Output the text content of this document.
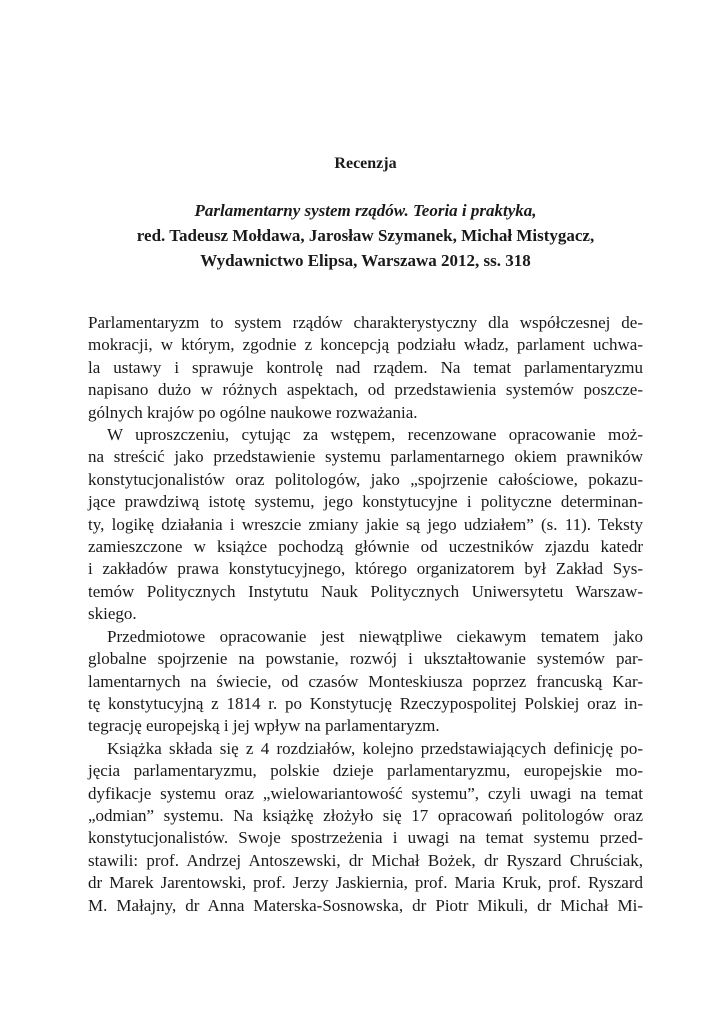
Recenzja
Parlamentarny system rządów. Teoria i praktyka,
red. Tadeusz Mołdawa, Jarosław Szymanek, Michał Mistygacz,
Wydawnictwo Elipsa, Warszawa 2012, ss. 318

Parlamentaryzm to system rządów charakterystyczny dla współczesnej de-
mokracji, w którym, zgodnie z koncepcją podziału władz, parlament uchwa-
la ustawy i sprawuje kontrolę nad rządem. Na temat parlamentaryzmu
napisano dużo w różnych aspektach, od przedstawienia systemów poszcze-
gólnych krajów po ogólne naukowe rozważania.

W uproszczeniu, cytując za wstępem, recenzowane opracowanie moż-
na streścić jako przedstawienie systemu parlamentarnego okiem prawników
konstytucjonalistów oraz politologów, jako „spojrzenie całościowe, pokazu-
jące prawdziwą istotę systemu, jego konstytucyjne i polityczne determinan-
ty, logikę działania i wreszcie zmiany jakie są jego udziałem” (s. 11). Teksty
zamieszczone w książce pochodzą głównie od uczestników zjazdu katedr
i zakładów prawa konstytucyjnego, którego organizatorem był Zakład Sys-
temów Politycznych Instytutu Nauk Politycznych Uniwersytetu Warszaw-
skiego.

Przedmiotowe opracowanie jest niewątpliwe ciekawym tematem jako
globalne spojrzenie na powstanie, rozwój i ukształtowanie systemów par-
lamentarnych na świecie, od czasów Monteskiusza poprzez francuską Kar-
tę konstytucyjną z 1814 r. po Konstytucję Rzeczypospolitej Polskiej oraz in-
tegrację europejską i jej wpływ na parlamentaryzm.

Książka składa się z 4 rozdziałów, kolejno przedstawiających definicję po-
jęcia parlamentaryzmu, polskie dzieje parlamentaryzmu, europejskie mo-
dyfikacje systemu oraz „wielowariantowość systemu”, czyli uwagi na temat
„odmian” systemu. Na książkę złożyło się 17 opracowań politologów oraz
konstytucjonalistów. Swoje spostrzeżenia i uwagi na temat systemu przed-
stawili: prof. Andrzej Antoszewski, dr Michał Bożek, dr Ryszard Chruściak,
dr Marek Jarentowski, prof. Jerzy Jaskiernia, prof. Maria Kruk, prof. Ryszard
M. Małajny, dr Anna Materska-Sosnowska, dr Piotr Mikuli, dr Michał Mi-
